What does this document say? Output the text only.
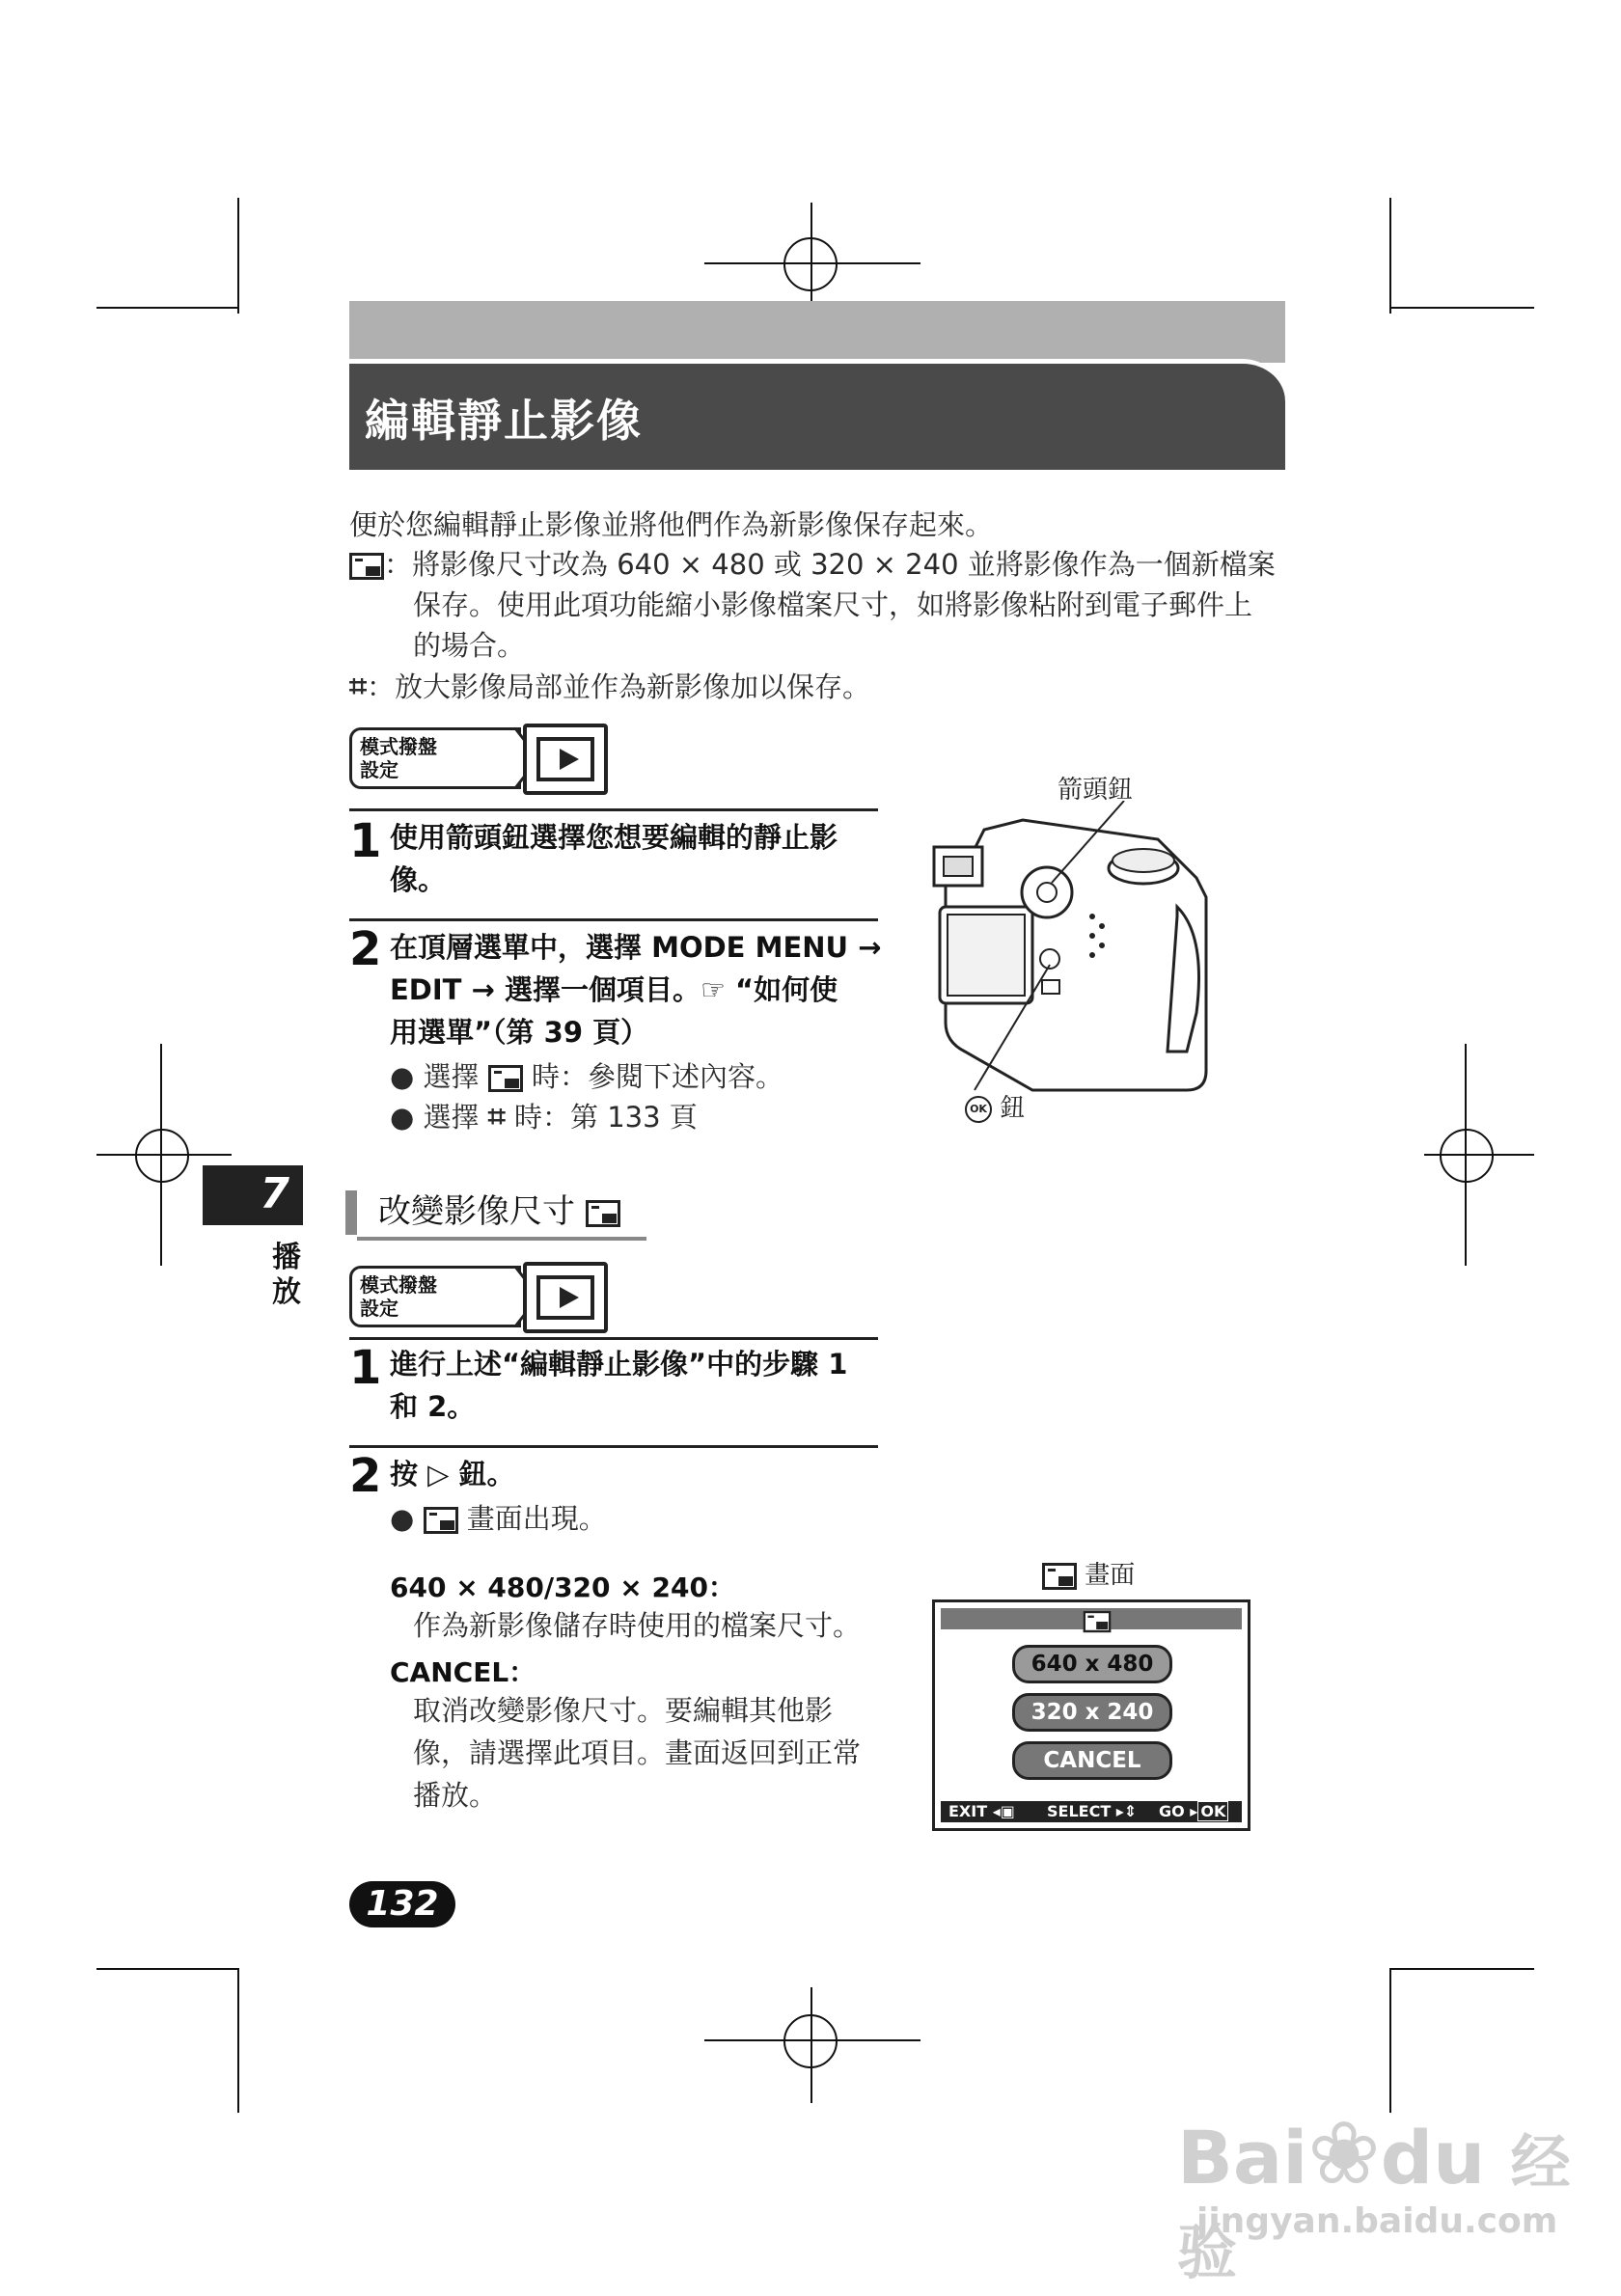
編輯靜止影像
便於您編輯靜止影像並將他們作為新影像保存起來。
：將影像尺寸改為 640 × 480 或 320 × 240 並將影像作為一個新檔案
保存。使用此項功能縮小影像檔案尺寸，如將影像粘附到電子郵件上
的場合。
⌗：放大影像局部並作為新影像加以保存。
模式撥盤
設定
1 使用箭頭鈕選擇您想要編輯的靜止影
像。
2 在頂層選單中，選擇 MODE MENU →
EDIT → 選擇一個項目。☞ “如何使
用選單”（第 39 頁）
● 選擇 時：參閱下述內容。
● 選擇 ⌗ 時：第 133 頁
箭頭鈕
OK 鈕
7
播
放
改變影像尺寸
模式撥盤
設定
1 進行上述“編輯靜止影像”中的步驟 1
和 2。
2 按 ▷ 鈕。
●  畫面出現。
640 × 480/320 × 240：
作為新影像儲存時使用的檔案尺寸。
CANCEL：
取消改變影像尺寸。要編輯其他影
像，請選擇此項目。畫面返回到正常
播放。
畫面
640 x 480
320 x 240
CANCEL
EXIT ◂▣ SELECT ▸⇕ GO ▸ OK
132
Bai❀du 经验
jingyan.baidu.com
